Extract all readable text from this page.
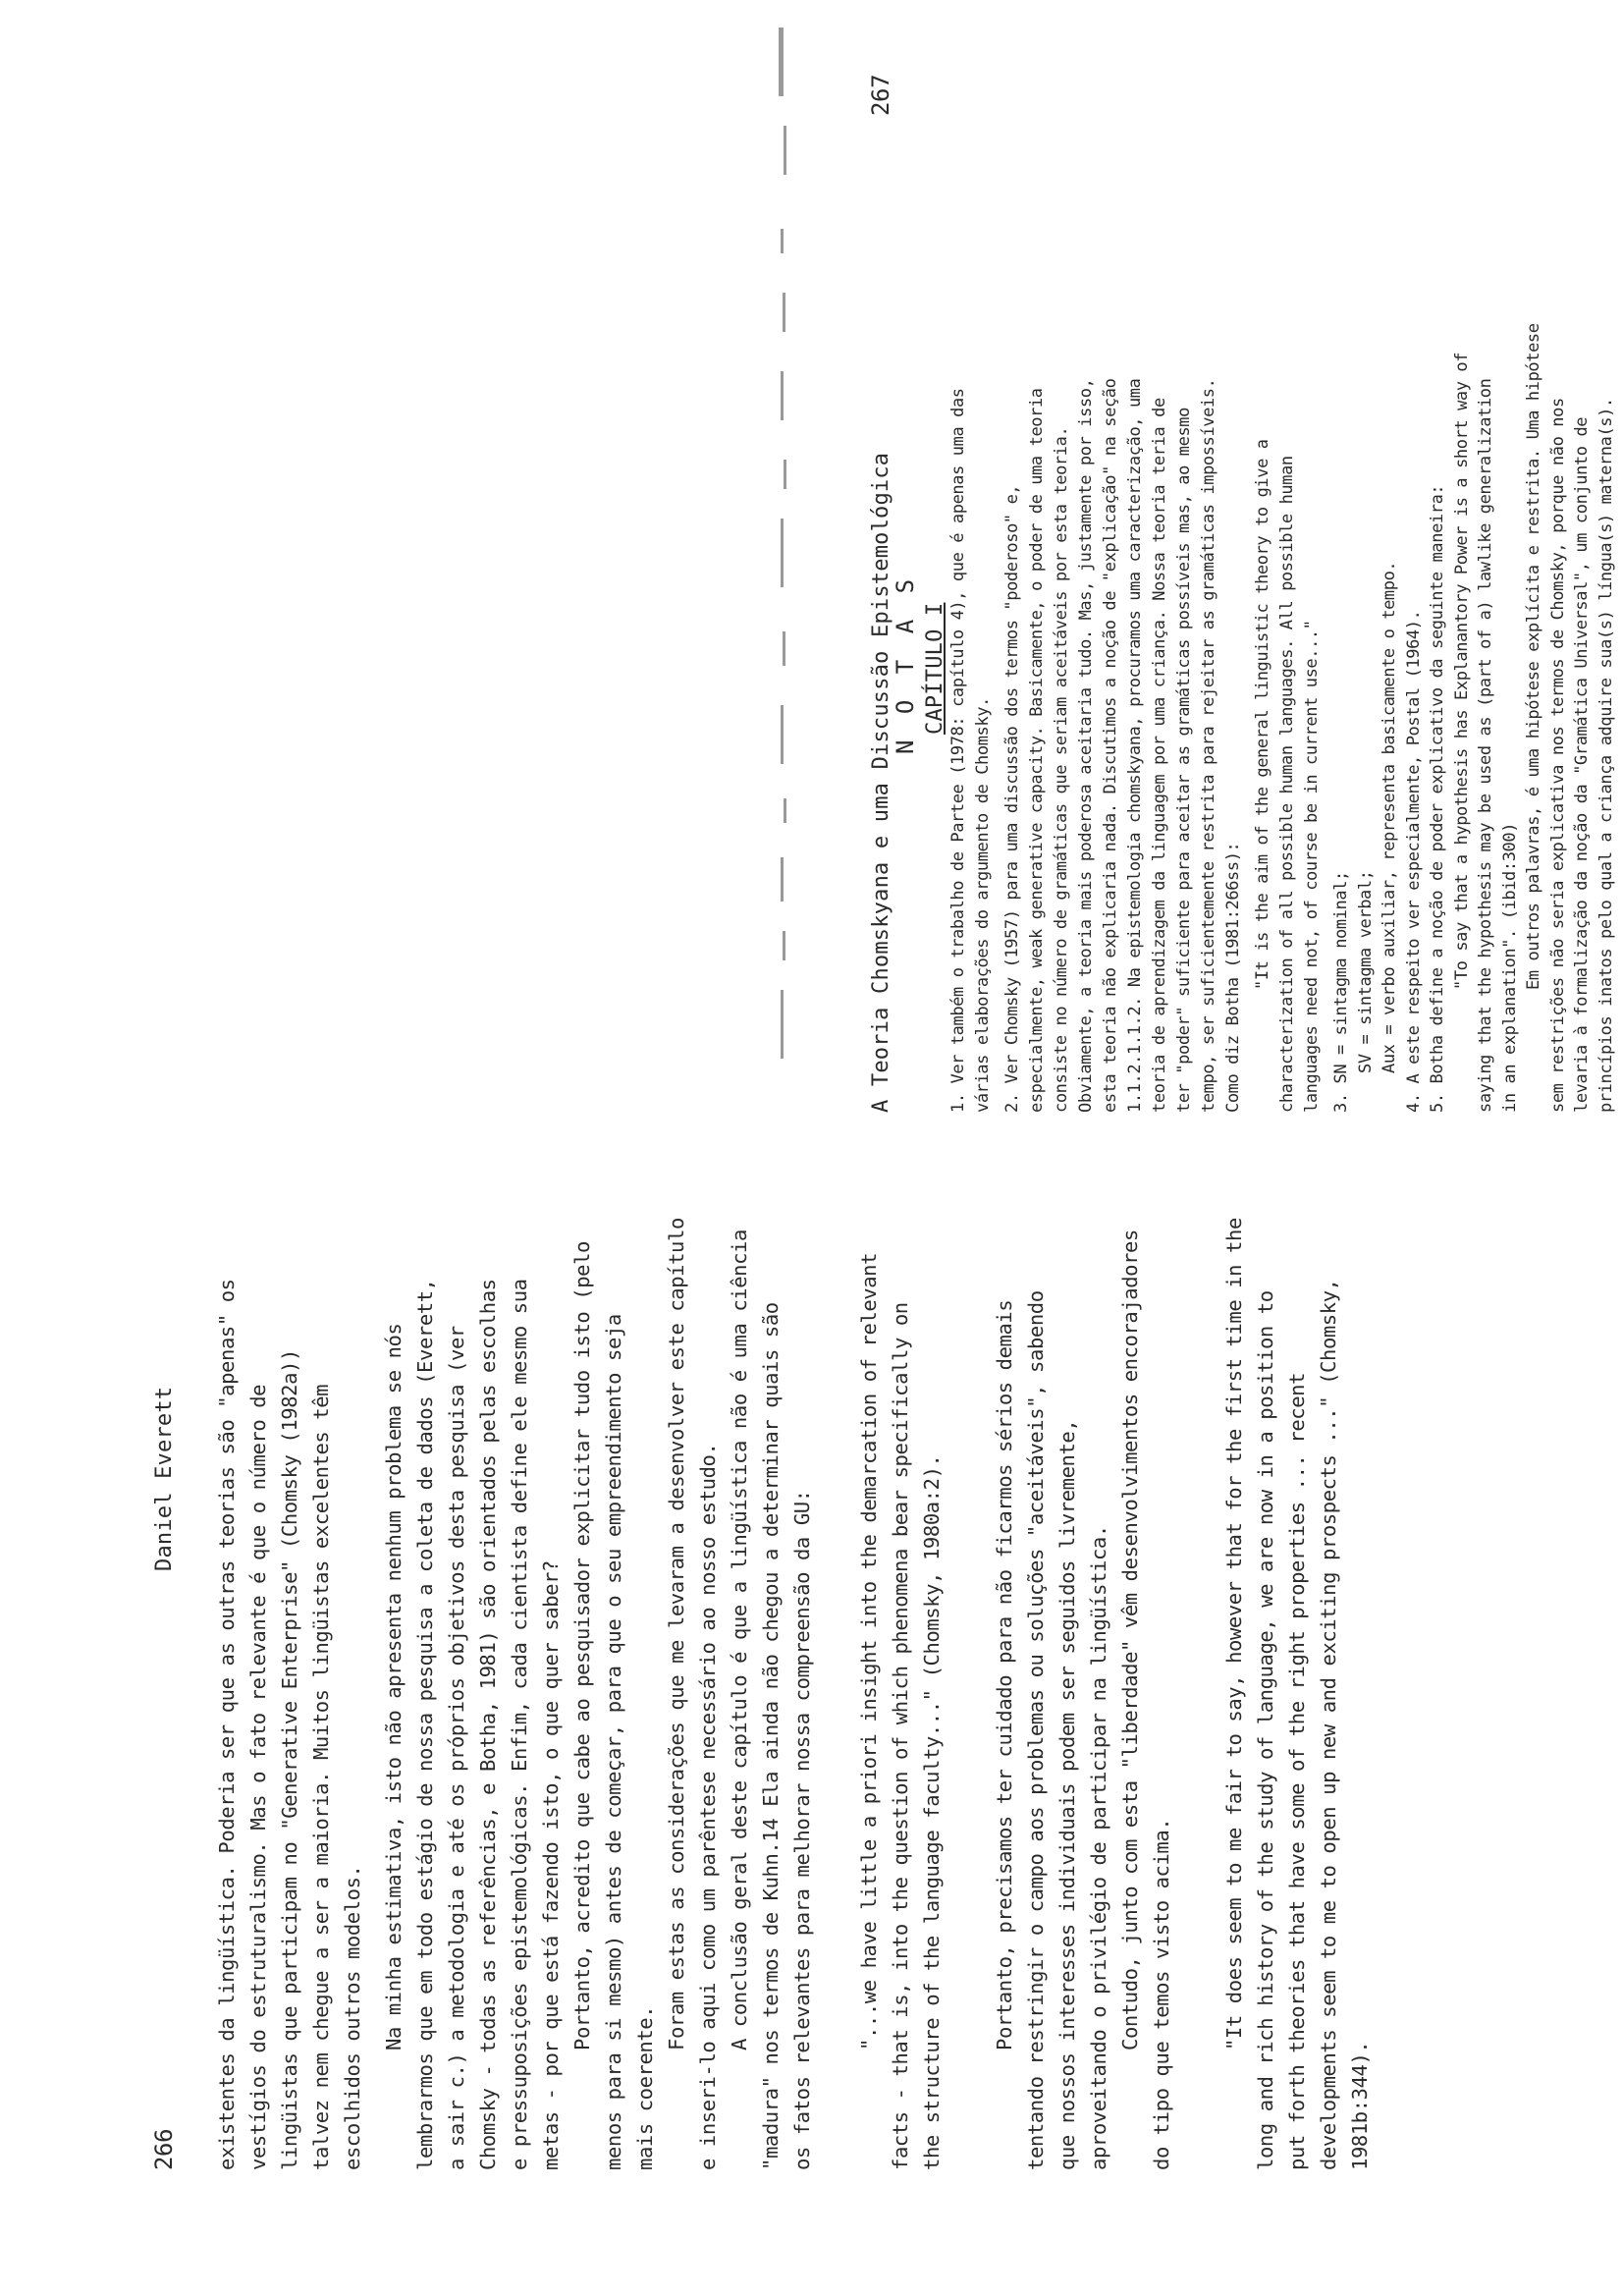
266
Daniel Everett existentes da lingüística. Poderia ser que as outras teorias são "apenas" os vestígios do estruturalismo. Mas o fato relevante é que o número de lingüistas que participam no "Generative Enterprise" (Chomsky (1982a)) talvez nem chegue a ser a maioria. Muitos lingüistas excelentes têm escolhidos outros modelos. Na minha estimativa, isto não apresenta nenhum problema se nós lembrarmos que em todo estágio de nossa pesquisa a coleta de dados (Everett, a sair c.) a metodologia e até os próprios objetivos desta pesquisa (ver Chomsky - todas as referências, e Botha, 1981) são orientados pelas escolhas e pressuposições epistemológicas. Enfim, cada cientista define ele mesmo sua metas - por que está fazendo isto, o que quer saber? Portanto, acredito que cabe ao pesquisador explicitar tudo isto (pelo menos para si mesmo) antes de começar, para que o seu empreendimento seja mais coerente.
Foram estas as considerações que me levaram a desenvolver este capítulo e inseri-lo aqui como um parêntese necessário ao nosso estudo. A conclusão geral deste capítulo é que a lingüística não é uma ciência "madura" nos termos de Kuhn.14 Ela ainda não chegou a determinar quais são os fatos relevantes para melhorar nossa compreensão da GU: "...we have little a priori insight into the demarcation of relevant facts - that is, into the question of which phenomena bear specifically on the structure of the language faculty..." (Chomsky, 1980a:2). Portanto, precisamos ter cuidado para não ficarmos sérios demais tentando restringir o campo aos problemas ou soluções "aceitáveis", sabendo que nossos interesses individuais podem ser seguidos livremente, aproveitando o privilégio de participar na lingüística. Contudo, junto com esta "liberdade" vêm desenvolvimentos encorajadores do tipo que temos visto acima. "It does seem to me fair to say, however that for the first time in the long and rich history of the study of language, we are now in a position to put forth theories that have some of the right properties ... recent developments seem to me to open up new and exciting prospects ..." (Chomsky, 1981b:344).
A Teoria Chomskyana e uma Discussão Epistemológica
267
N O T A S CAPÍTULO I 1. Ver também o trabalho de Partee (1978: capítulo 4), que é apenas uma das várias elaborações do argumento de Chomsky. 2. Ver Chomsky (1957) para uma discussão dos termos "poderoso" e, especialmente, weak generative capacity. Basicamente, o poder de uma teoria consiste no número de gramáticas que seriam aceitáveis por esta teoria. Obviamente, a teoria mais poderosa aceitaria tudo. Mas, justamente por isso, esta teoria não explicaria nada. Discutimos a noção de "explicação" na seção 1.1.2.1.1.2. Na epistemologia chomskyana, procuramos uma caracterização, uma teoria de aprendizagem da linguagem por uma criança. Nossa teoria teria de ter "poder" suficiente para aceitar as gramáticas possíveis mas, ao mesmo tempo, ser suficientemente restrita para rejeitar as gramáticas impossíveis. Como diz Botha (1981:266ss): "It is the aim of the general linguistic theory to give a characterization of all possible human languages. All possible human languages need not, of course be in current use..." 3. SN = sintagma nominal; SV = sintagma verbal; Aux = verbo auxiliar, representa basicamente o tempo. 4. A este respeito ver especialmente, Postal (1964). 5. Botha define a noção de poder explicativo da seguinte maneira: "To say that a hypothesis has Explanantory Power is a short way of saying that the hypothesis may be used as (part of a) lawlike generalization in an explanation". (ibid:300) Em outros palavras, é uma hipótese explícita e restrita. Uma hipótese sem restrições não seria explicativa nos termos de Chomsky, porque não nos levaria à formalização da noção da "Gramática Universal", um conjunto de princípios inatos pelo qual a criança adquire sua(s) língua(s) materna(s).
